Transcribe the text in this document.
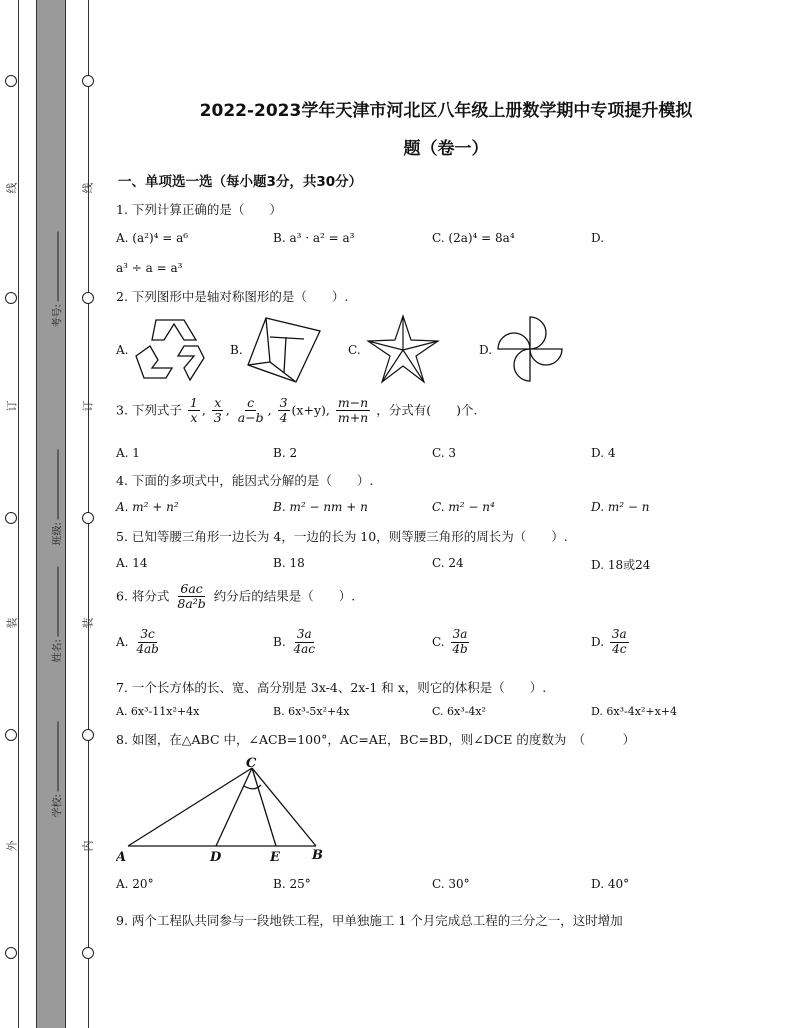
线
订
装
外
线
订
装
内
考号:
班级:
姓名:
学校:
2022-2023学年天津市河北区八年级上册数学期中专项提升模拟
题（卷一）
一、单项选一选（每小题3分，共30分）
1. 下列计算正确的是（　　）
A. (a²)⁴ = a⁶	B. a³ · a² = a³	C. (2a)⁴ = 8a⁴	D.
a³ ÷ a = a³
2. 下列图形中是轴对称图形的是（　　）.
A.	B.	C.	D.
3. 下列式子 $\frac{1}{x}$ , $\frac{x}{3}$ , $\frac{c}{a-b}$ , $\frac{3}{4} (x+y)$, $\frac{m-n}{m+n}$ ，分式有(　　)个.
A. 1	B. 2	C. 3	D. 4
4. 下面的多项式中，能因式分解的是（　　）.
A. m² + n²	B. m² − nm + n	C. m² − n⁴	D. m² − n
5. 已知等腰三角形一边长为 4，一边的长为 10，则等腰三角形的周长为（　　）.
A. 14	B. 18	C. 24	D. 18或24
6. 将分式 $\frac{6ac}{\text{8a²b}}$ 约分后的结果是（　　）.
A. $\frac{3c}{4ab}$	B. $\frac{3a}{4ac}$	C. $\frac{3a}{4b}$	D. $\frac{3a}{4c}$
7. 一个长方体的长、宽、高分别是 3x-4、2x-1 和 x，则它的体积是（　　）.
A. 6x³-11x²+4x	B. 6x³-5x²+4x	C. 6x³-4x²	D. 6x³-4x²+x+4
8. 如图，在△ABC 中，∠ACB=100°，AC=AE，BC=BD，则∠DCE 的度数为　（　　　）
A
C
D	E B
A. 20°	B. 25°	C. 30°	D. 40°
9. 两个工程队共同参与一段地铁工程，甲单独施工 1 个月完成总工程的三分之一，这时增加
